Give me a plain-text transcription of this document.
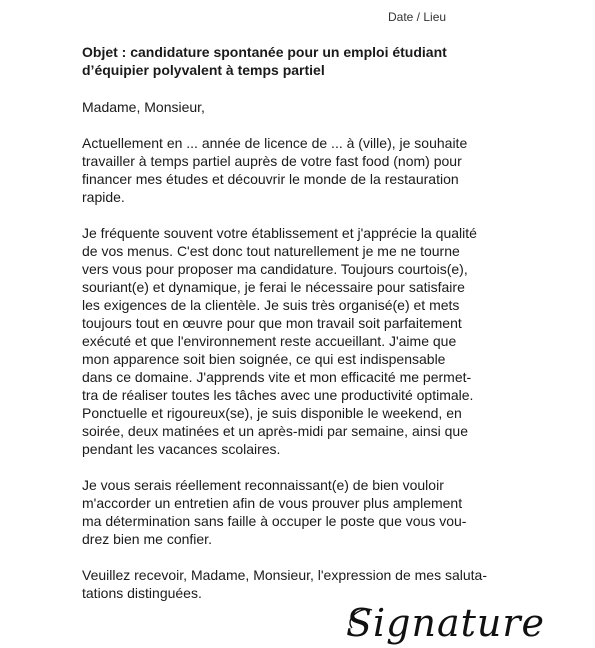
Date / Lieu
Objet : candidature spontanée pour un emploi étudiant
d’équipier polyvalent à temps partiel

Madame, Monsieur,

Actuellement en ... année de licence de ... à (ville), je souhaite
travailler à temps partiel auprès de votre fast food (nom) pour
financer mes études et découvrir le monde de la restauration
rapide.

Je fréquente souvent votre établissement et j'apprécie la qualité
de vos menus. C'est donc tout naturellement je me ne tourne
vers vous pour proposer ma candidature. Toujours courtois(e),
souriant(e) et dynamique, je ferai le nécessaire pour satisfaire
les exigences de la clientèle. Je suis très organisé(e) et mets
toujours tout en œuvre pour que mon travail soit parfaitement
exécuté et que l'environnement reste accueillant. J'aime que
mon apparence soit bien soignée, ce qui est indispensable
dans ce domaine. J'apprends vite et mon efficacité me permet-
tra de réaliser toutes les tâches avec une productivité optimale.
Ponctuelle et rigoureux(se), je suis disponible le weekend, en
soirée, deux matinées et un après-midi par semaine, ainsi que
pendant les vacances scolaires.

Je vous serais réellement reconnaissant(e) de bien vouloir
m'accorder un entretien afin de vous prouver plus amplement
ma détermination sans faille à occuper le poste que vous vou-
drez bien me confier.

Veuillez recevoir, Madame, Monsieur, l'expression de mes saluta-
tations distinguées.

Signature
